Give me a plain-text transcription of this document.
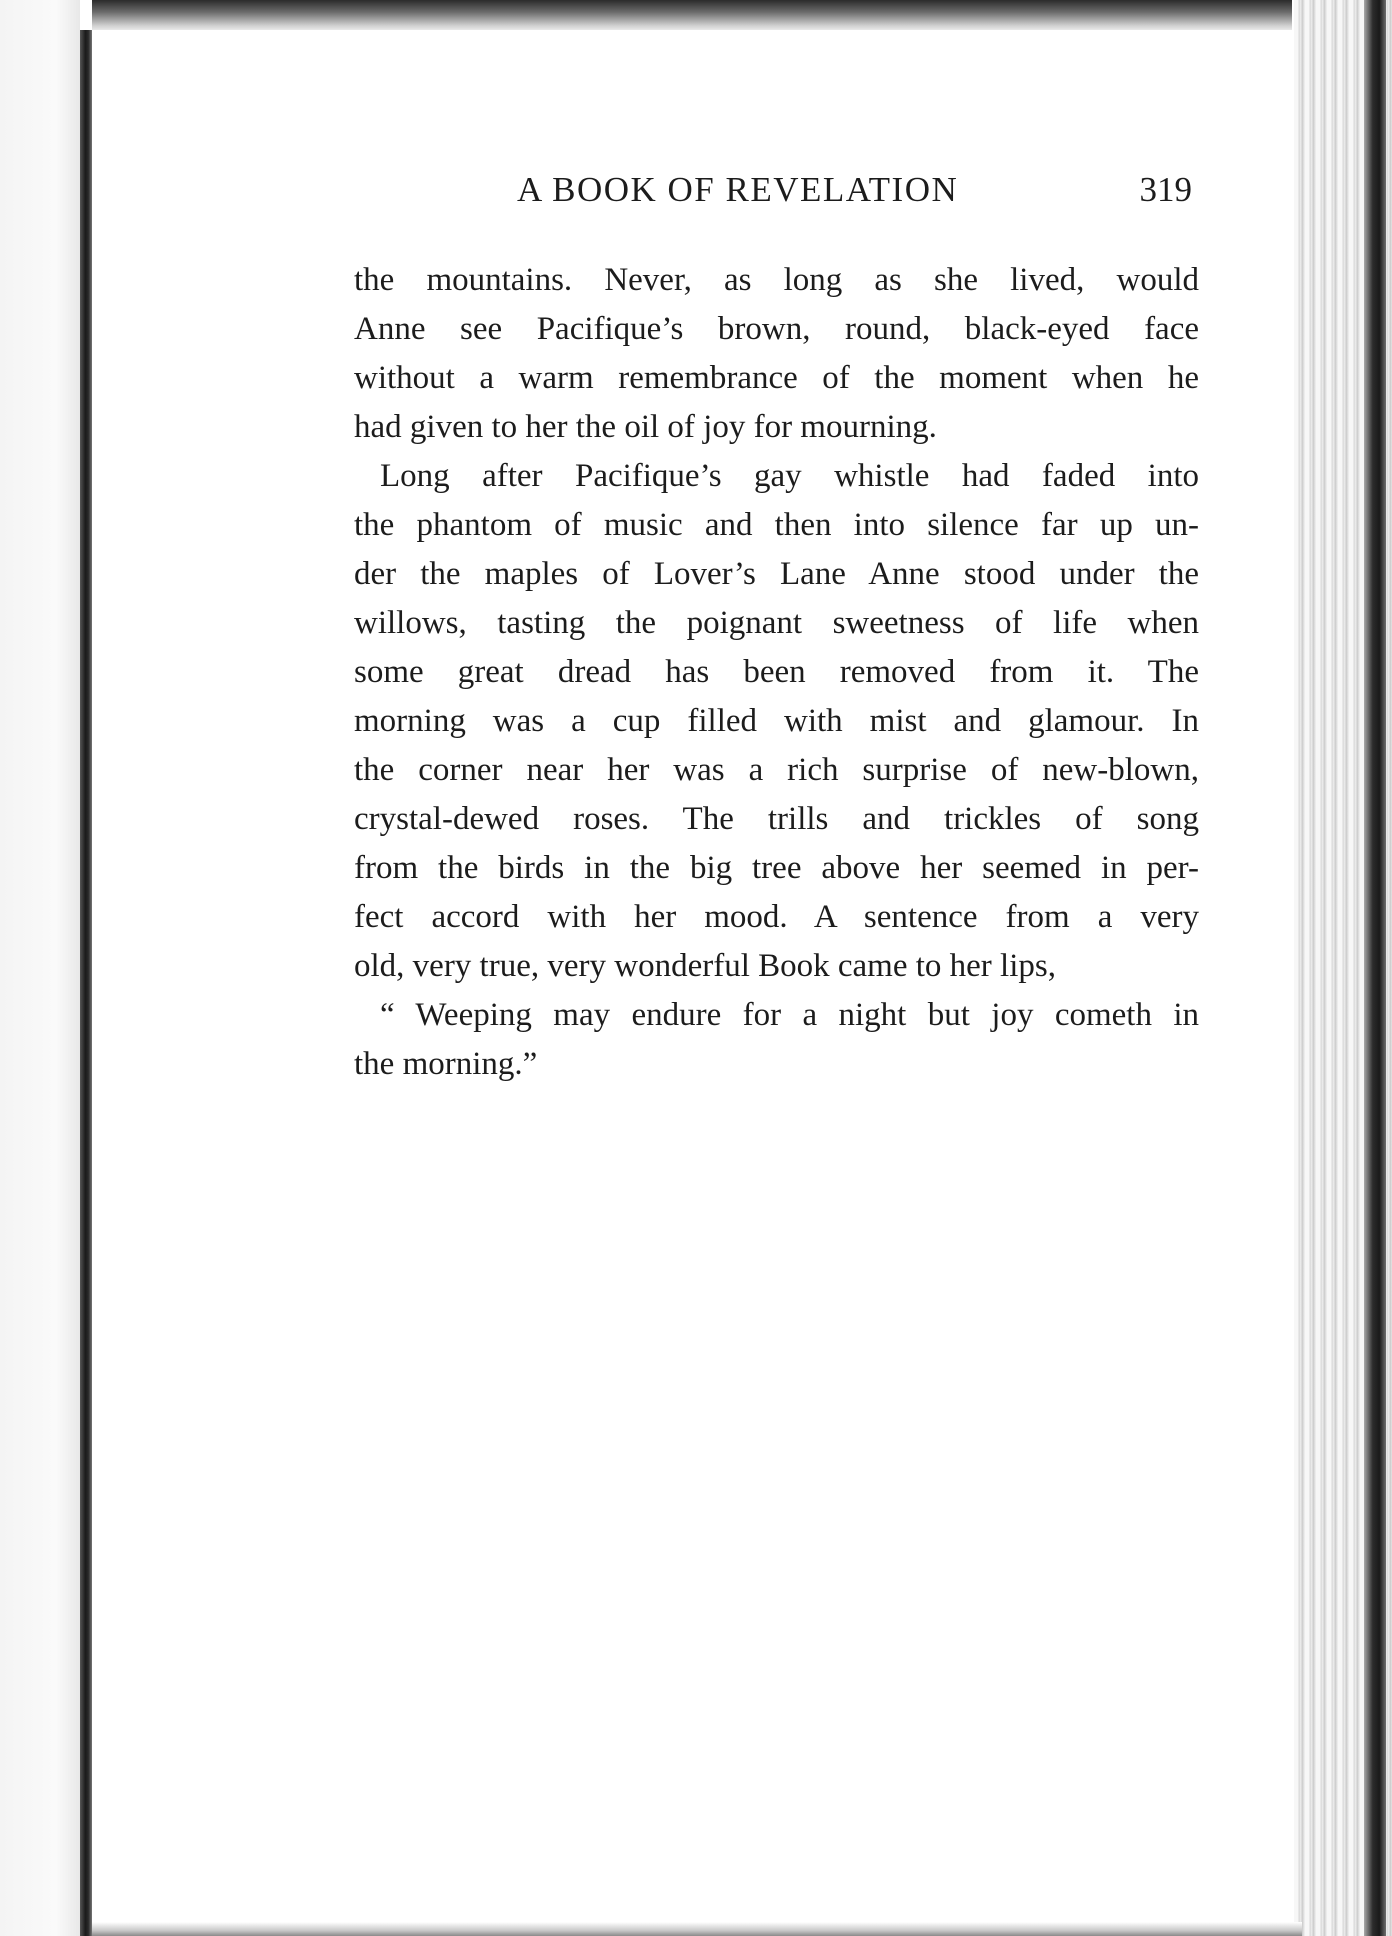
A BOOK OF REVELATION	319
the mountains. Never, as long as she lived, would
Anne see Pacifique’s brown, round, black-eyed face
without a warm remembrance of the moment when he
had given to her the oil of joy for mourning.
Long after Pacifique’s gay whistle had faded into
the phantom of music and then into silence far up un-
der the maples of Lover’s Lane Anne stood under the
willows, tasting the poignant sweetness of life when
some great dread has been removed from it. The
morning was a cup filled with mist and glamour. In
the corner near her was a rich surprise of new-blown,
crystal-dewed roses. The trills and trickles of song
from the birds in the big tree above her seemed in per-
fect accord with her mood. A sentence from a very
old, very true, very wonderful Book came to her lips,
“ Weeping may endure for a night but joy cometh in
the morning.”
